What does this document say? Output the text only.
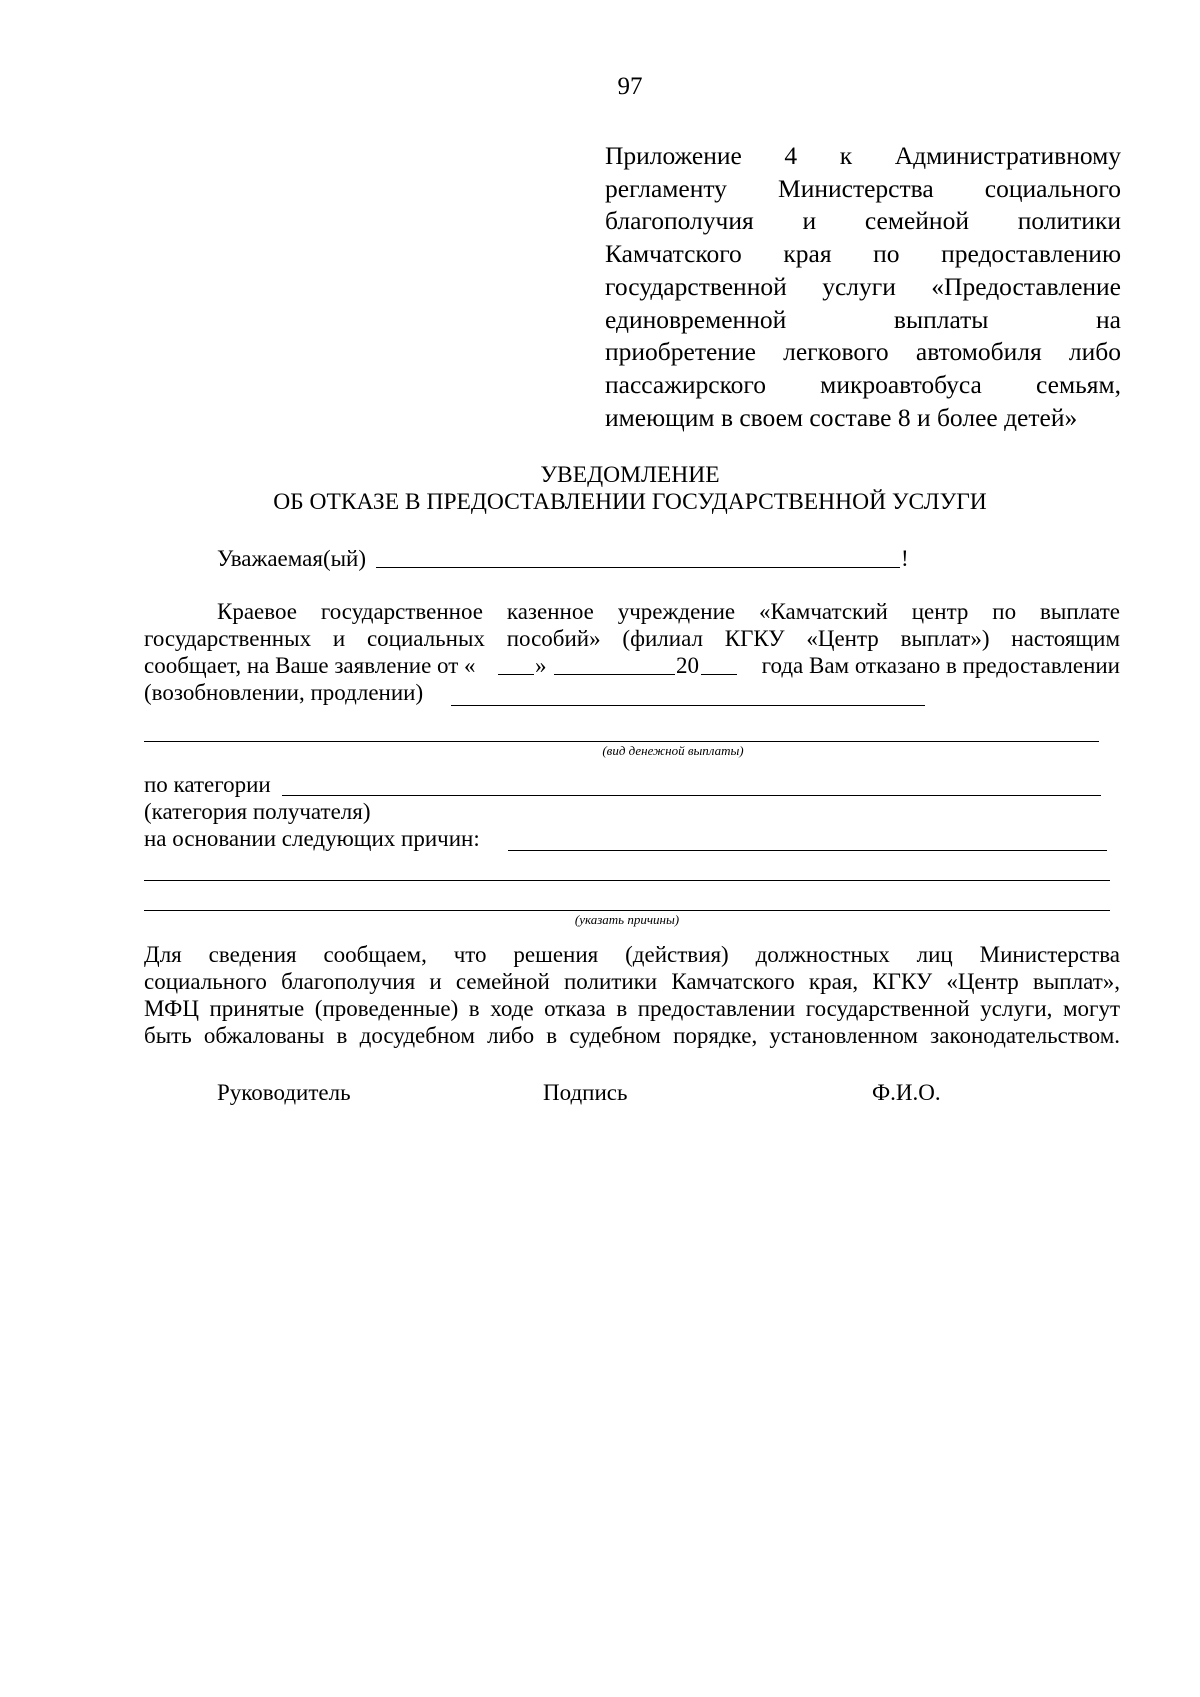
97
Приложение 4 к Административному
регламенту Министерства социального
благополучия и семейной политики
Камчатского края по предоставлению
государственной услуги «Предоставление
единовременной выплаты на
приобретение легкового автомобиля либо
пассажирского микроавтобуса семьям,
имеющим в своем составе 8 и более детей»
УВЕДОМЛЕНИЕ
ОБ ОТКАЗЕ В ПРЕДОСТАВЛЕНИИ ГОСУДАРСТВЕННОЙ УСЛУГИ
Уважаемая(ый)	!
Краевое государственное казенное учреждение «Камчатский центр по выплате
государственных и социальных пособий» (филиал КГКУ «Центр выплат») настоящим
сообщает, на Ваше заявление от «	»	20	года Вам отказано в предоставлении
(возобновлении, продлении)
(вид денежной выплаты)
по категории
(категория получателя)
на основании следующих причин:
(указать причины)
Для сведения сообщаем, что решения (действия) должностных лиц Министерства
социального благополучия и семейной политики Камчатского края, КГКУ «Центр выплат»,
МФЦ принятые (проведенные) в ходе отказа в предоставлении государственной услуги, могут
быть обжалованы в досудебном либо в судебном порядке, установленном законодательством.
Руководитель	Подпись	Ф.И.О.
